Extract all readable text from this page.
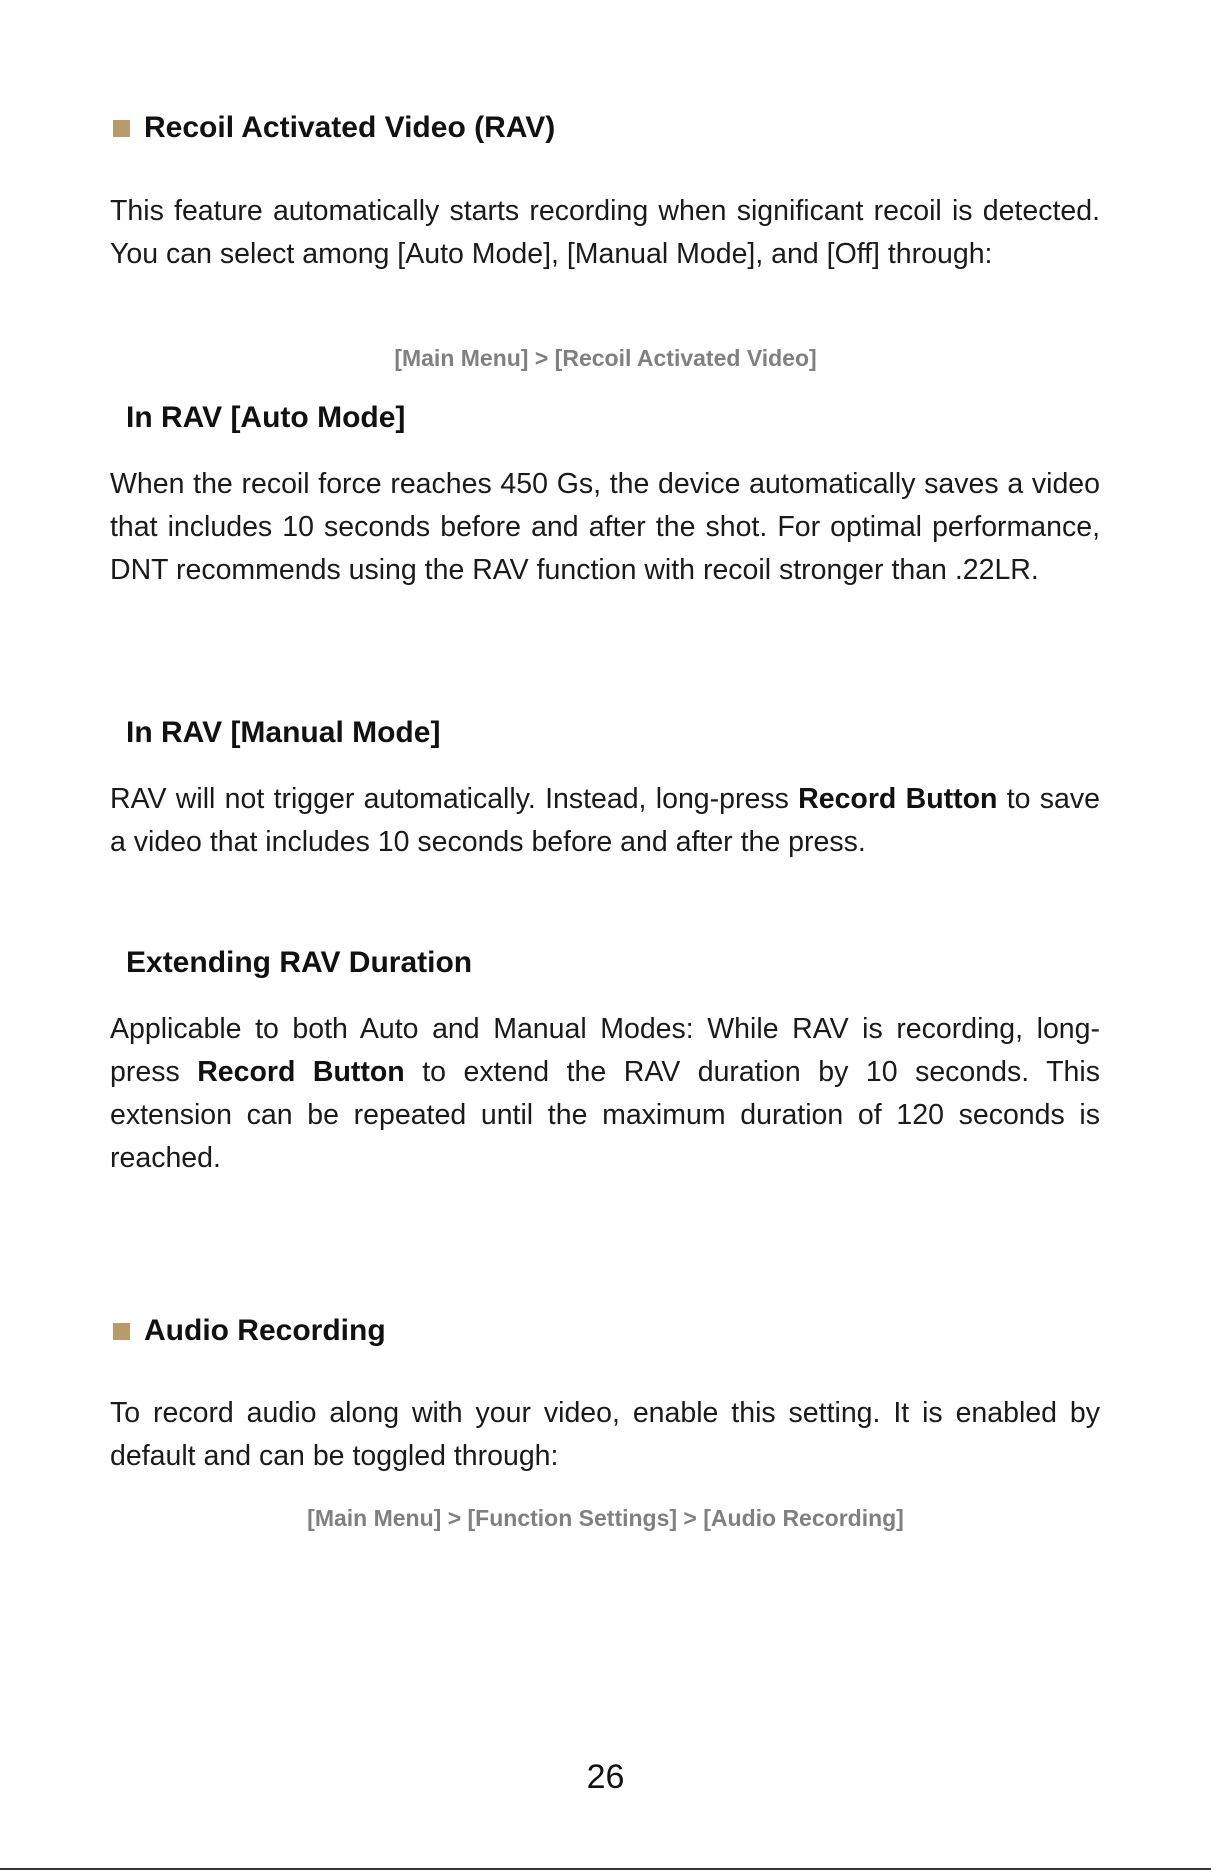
Recoil Activated Video (RAV)

This feature automatically starts recording when significant recoil is detected. You can select among [Auto Mode], [Manual Mode], and [Off] through:

[Main Menu] > [Recoil Activated Video]
In RAV [Auto Mode]

When the recoil force reaches 450 Gs, the device automatically saves a video that includes 10 seconds before and after the shot. For optimal performance, DNT recommends using the RAV function with recoil stronger than .22LR.

In RAV [Manual Mode]

RAV will not trigger automatically. Instead, long-press Record Button to save a video that includes 10 seconds before and after the press.

Extending RAV Duration

Applicable to both Auto and Manual Modes: While RAV is recording, long-press Record Button to extend the RAV duration by 10 seconds. This extension can be repeated until the maximum duration of 120 seconds is reached.

Audio Recording

To record audio along with your video, enable this setting. It is enabled by default and can be toggled through:

[Main Menu] > [Function Settings] > [Audio Recording]
26
